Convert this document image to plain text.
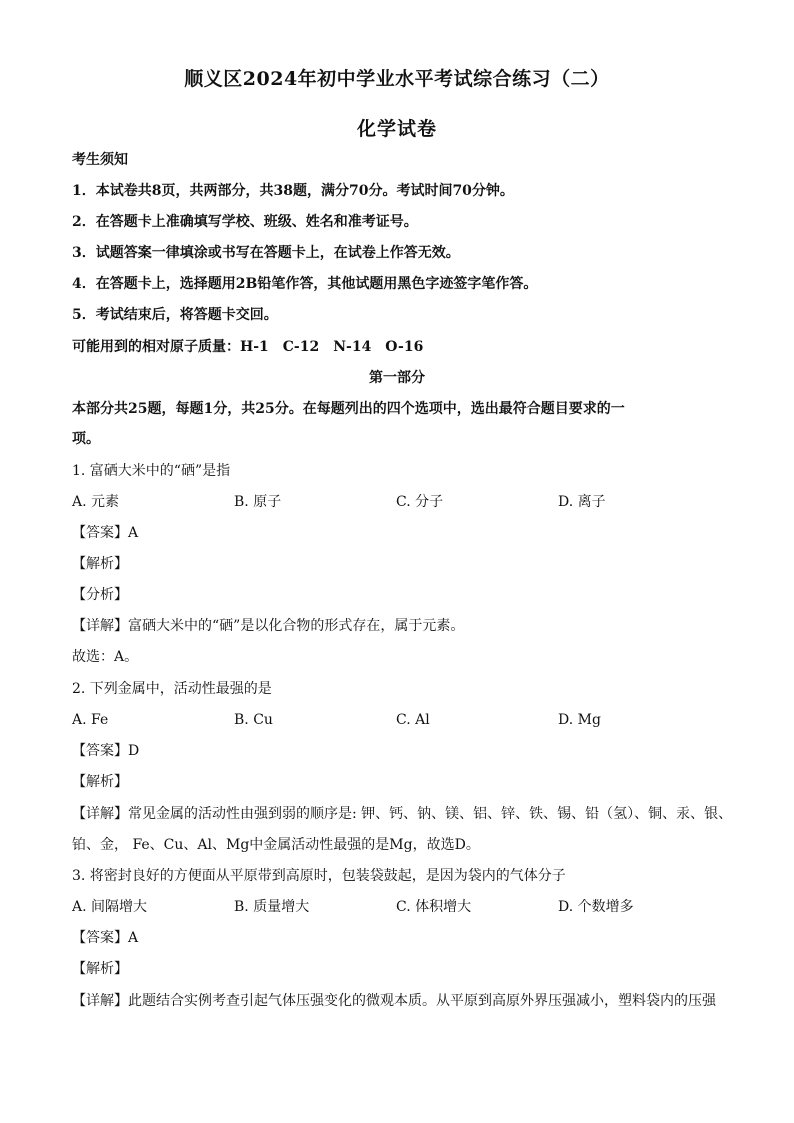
顺义区2024年初中学业水平考试综合练习（二）
化学试卷
考生须知
1．本试卷共8页，共两部分，共38题，满分70分。考试时间70分钟。
2．在答题卡上准确填写学校、班级、姓名和准考证号。
3．试题答案一律填涂或书写在答题卡上，在试卷上作答无效。
4．在答题卡上，选择题用2B铅笔作答，其他试题用黑色字迹签字笔作答。
5．考试结束后，将答题卡交回。
可能用到的相对原子质量：H-1　C-12　N-14　O-16
第一部分
本部分共25题，每题1分，共25分。在每题列出的四个选项中，选出最符合题目要求的一
项。
1. 富硒大米中的“硒”是指
A. 元素	B. 原子	C. 分子	D. 离子
【答案】A
【解析】
【分析】
【详解】富硒大米中的“硒”是以化合物的形式存在，属于元素。
故选：A。
2. 下列金属中，活动性最强的是
A. Fe	B. Cu	C. Al	D. Mg
【答案】D
【解析】
【详解】常见金属的活动性由强到弱的顺序是: 钾、钙、钠、镁、铝、锌、铁、锡、铅（氢）、铜、汞、银、
铂、金， Fe、Cu、Al、Mg中金属活动性最强的是Mg，故选D。
3. 将密封良好的方便面从平原带到高原时，包装袋鼓起，是因为袋内的气体分子
A. 间隔增大	B. 质量增大	C. 体积增大	D. 个数增多
【答案】A
【解析】
【详解】此题结合实例考查引起气体压强变化的微观本质。从平原到高原外界压强减小，塑料袋内的压强
